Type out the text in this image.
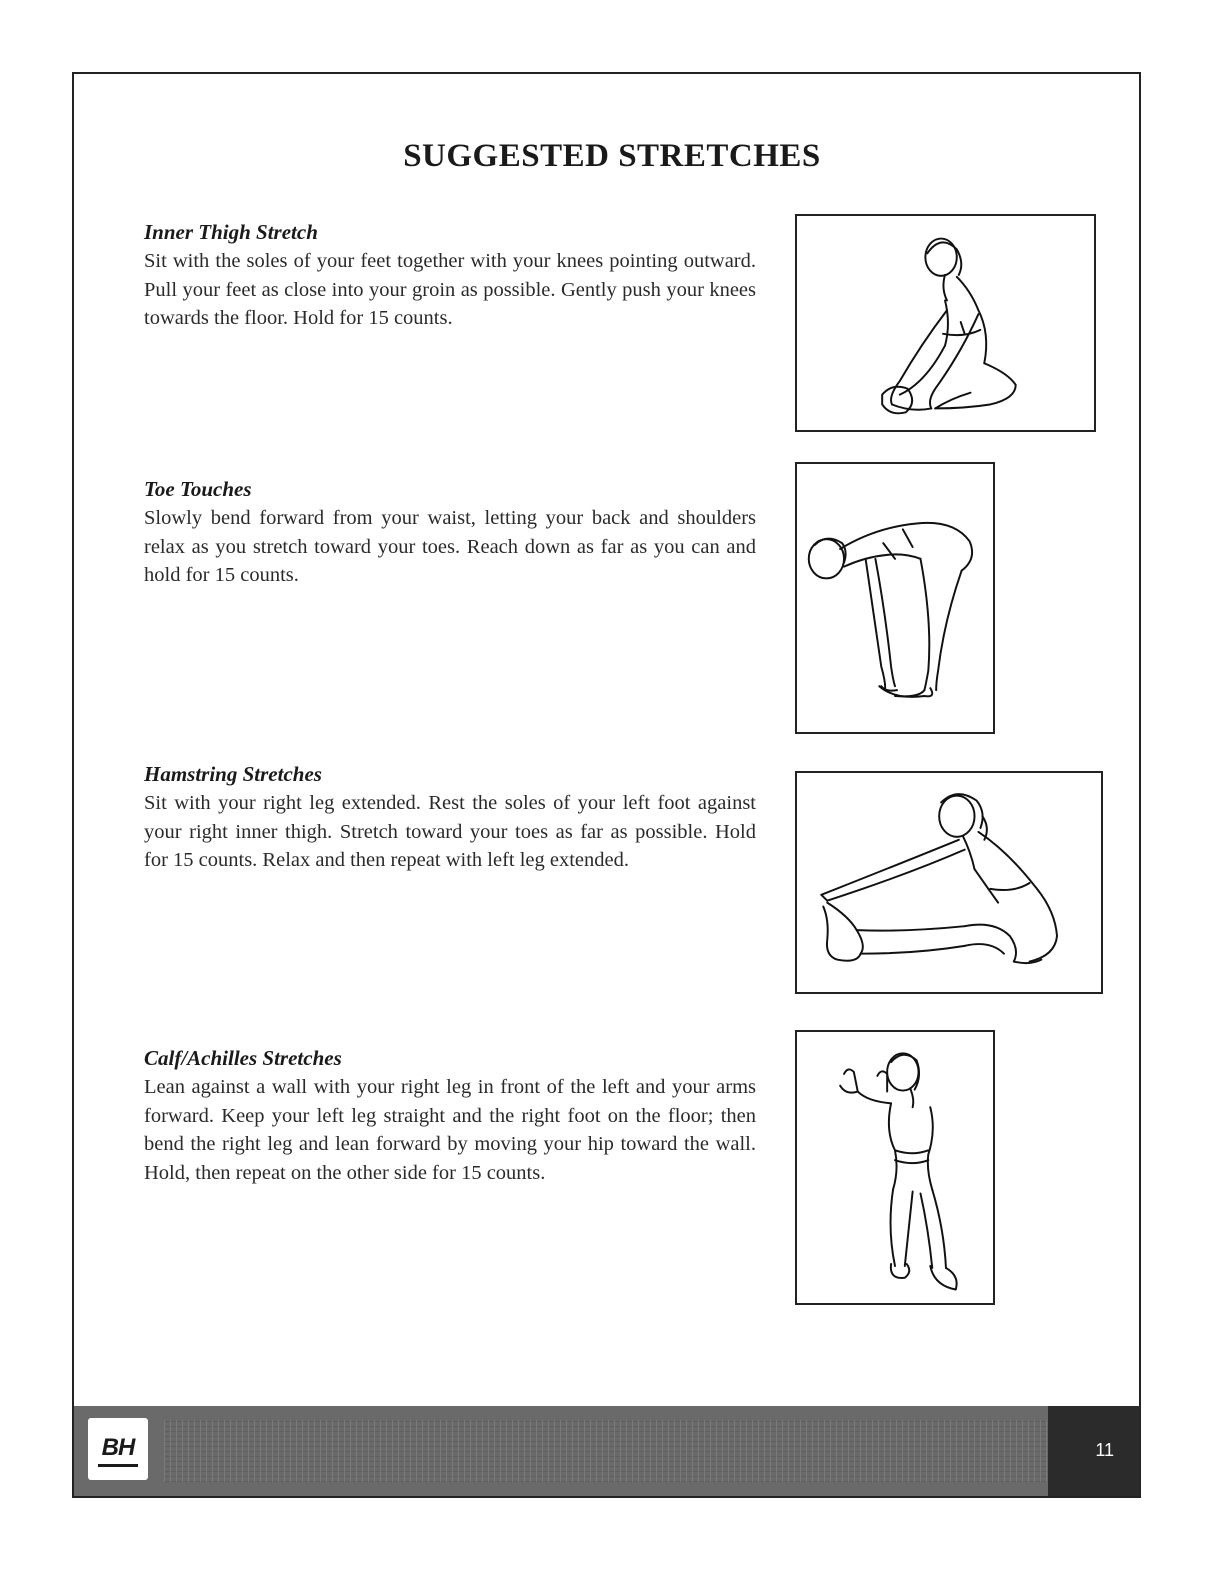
SUGGESTED STRETCHES
Inner Thigh Stretch

Sit with the soles of your feet together with your knees pointing outward. Pull your feet as close into your groin as possible. Gently push your knees towards the floor. Hold for 15 counts.

Toe Touches

Slowly bend forward from your waist, letting your back and shoulders relax as you stretch toward your toes. Reach down as far as you can and hold for 15 counts.

Hamstring Stretches

Sit with your right leg extended. Rest the soles of your left foot against your right inner thigh. Stretch toward your toes as far as possible. Hold for 15 counts. Relax and then repeat with left leg extended.

Calf/Achilles Stretches

Lean against a wall with your right leg in front of the left and your arms forward. Keep your left leg straight and the right foot on the floor; then bend the right leg and lean forward by moving your hip toward the wall. Hold, then repeat on the other side for 15 counts.

BH	11
